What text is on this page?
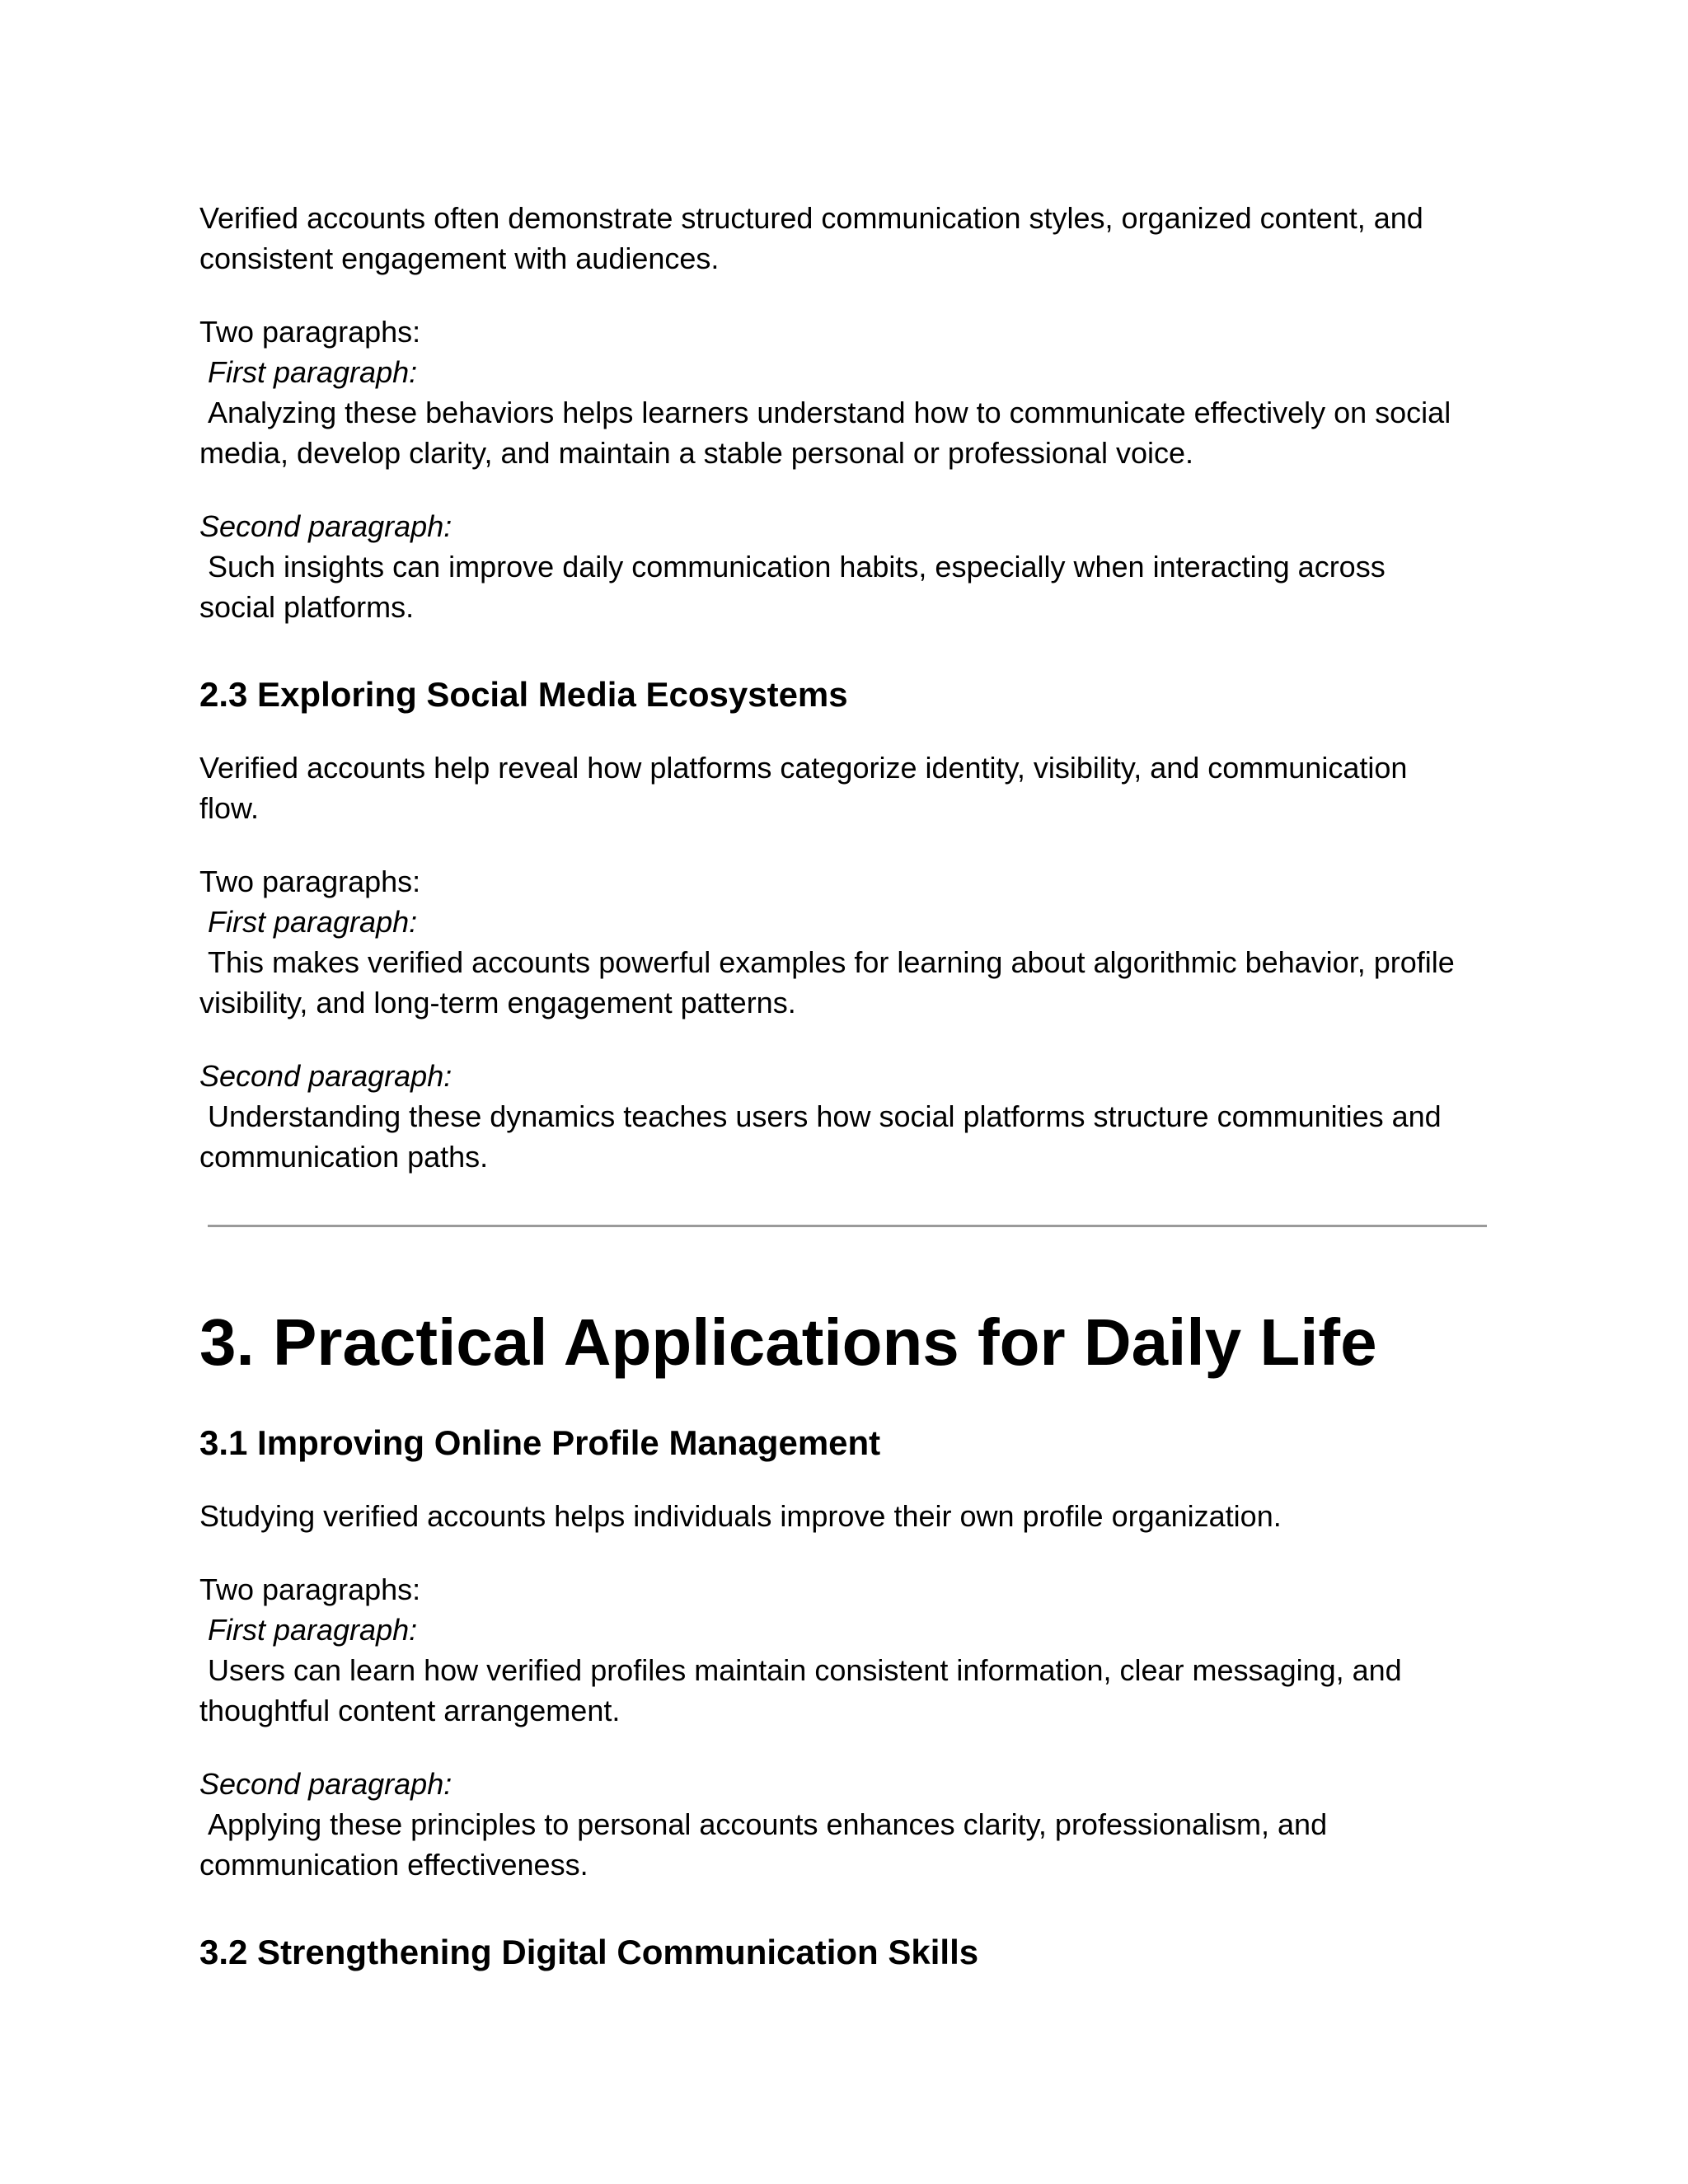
Verified accounts often demonstrate structured communication styles, organized content, and consistent engagement with audiences.

Two paragraphs:
First paragraph:
Analyzing these behaviors helps learners understand how to communicate effectively on social media, develop clarity, and maintain a stable personal or professional voice.
Second paragraph:
Such insights can improve daily communication habits, especially when interacting across social platforms.
2.3 Exploring Social Media Ecosystems

Verified accounts help reveal how platforms categorize identity, visibility, and communication flow.

Two paragraphs:
First paragraph:
This makes verified accounts powerful examples for learning about algorithmic behavior, profile visibility, and long-term engagement patterns.
Second paragraph:
Understanding these dynamics teaches users how social platforms structure communities and communication paths.
3. Practical Applications for Daily Life
3.1 Improving Online Profile Management

Studying verified accounts helps individuals improve their own profile organization.

Two paragraphs:
First paragraph:
Users can learn how verified profiles maintain consistent information, clear messaging, and thoughtful content arrangement.
Second paragraph:
Applying these principles to personal accounts enhances clarity, professionalism, and communication effectiveness.
3.2 Strengthening Digital Communication Skills
